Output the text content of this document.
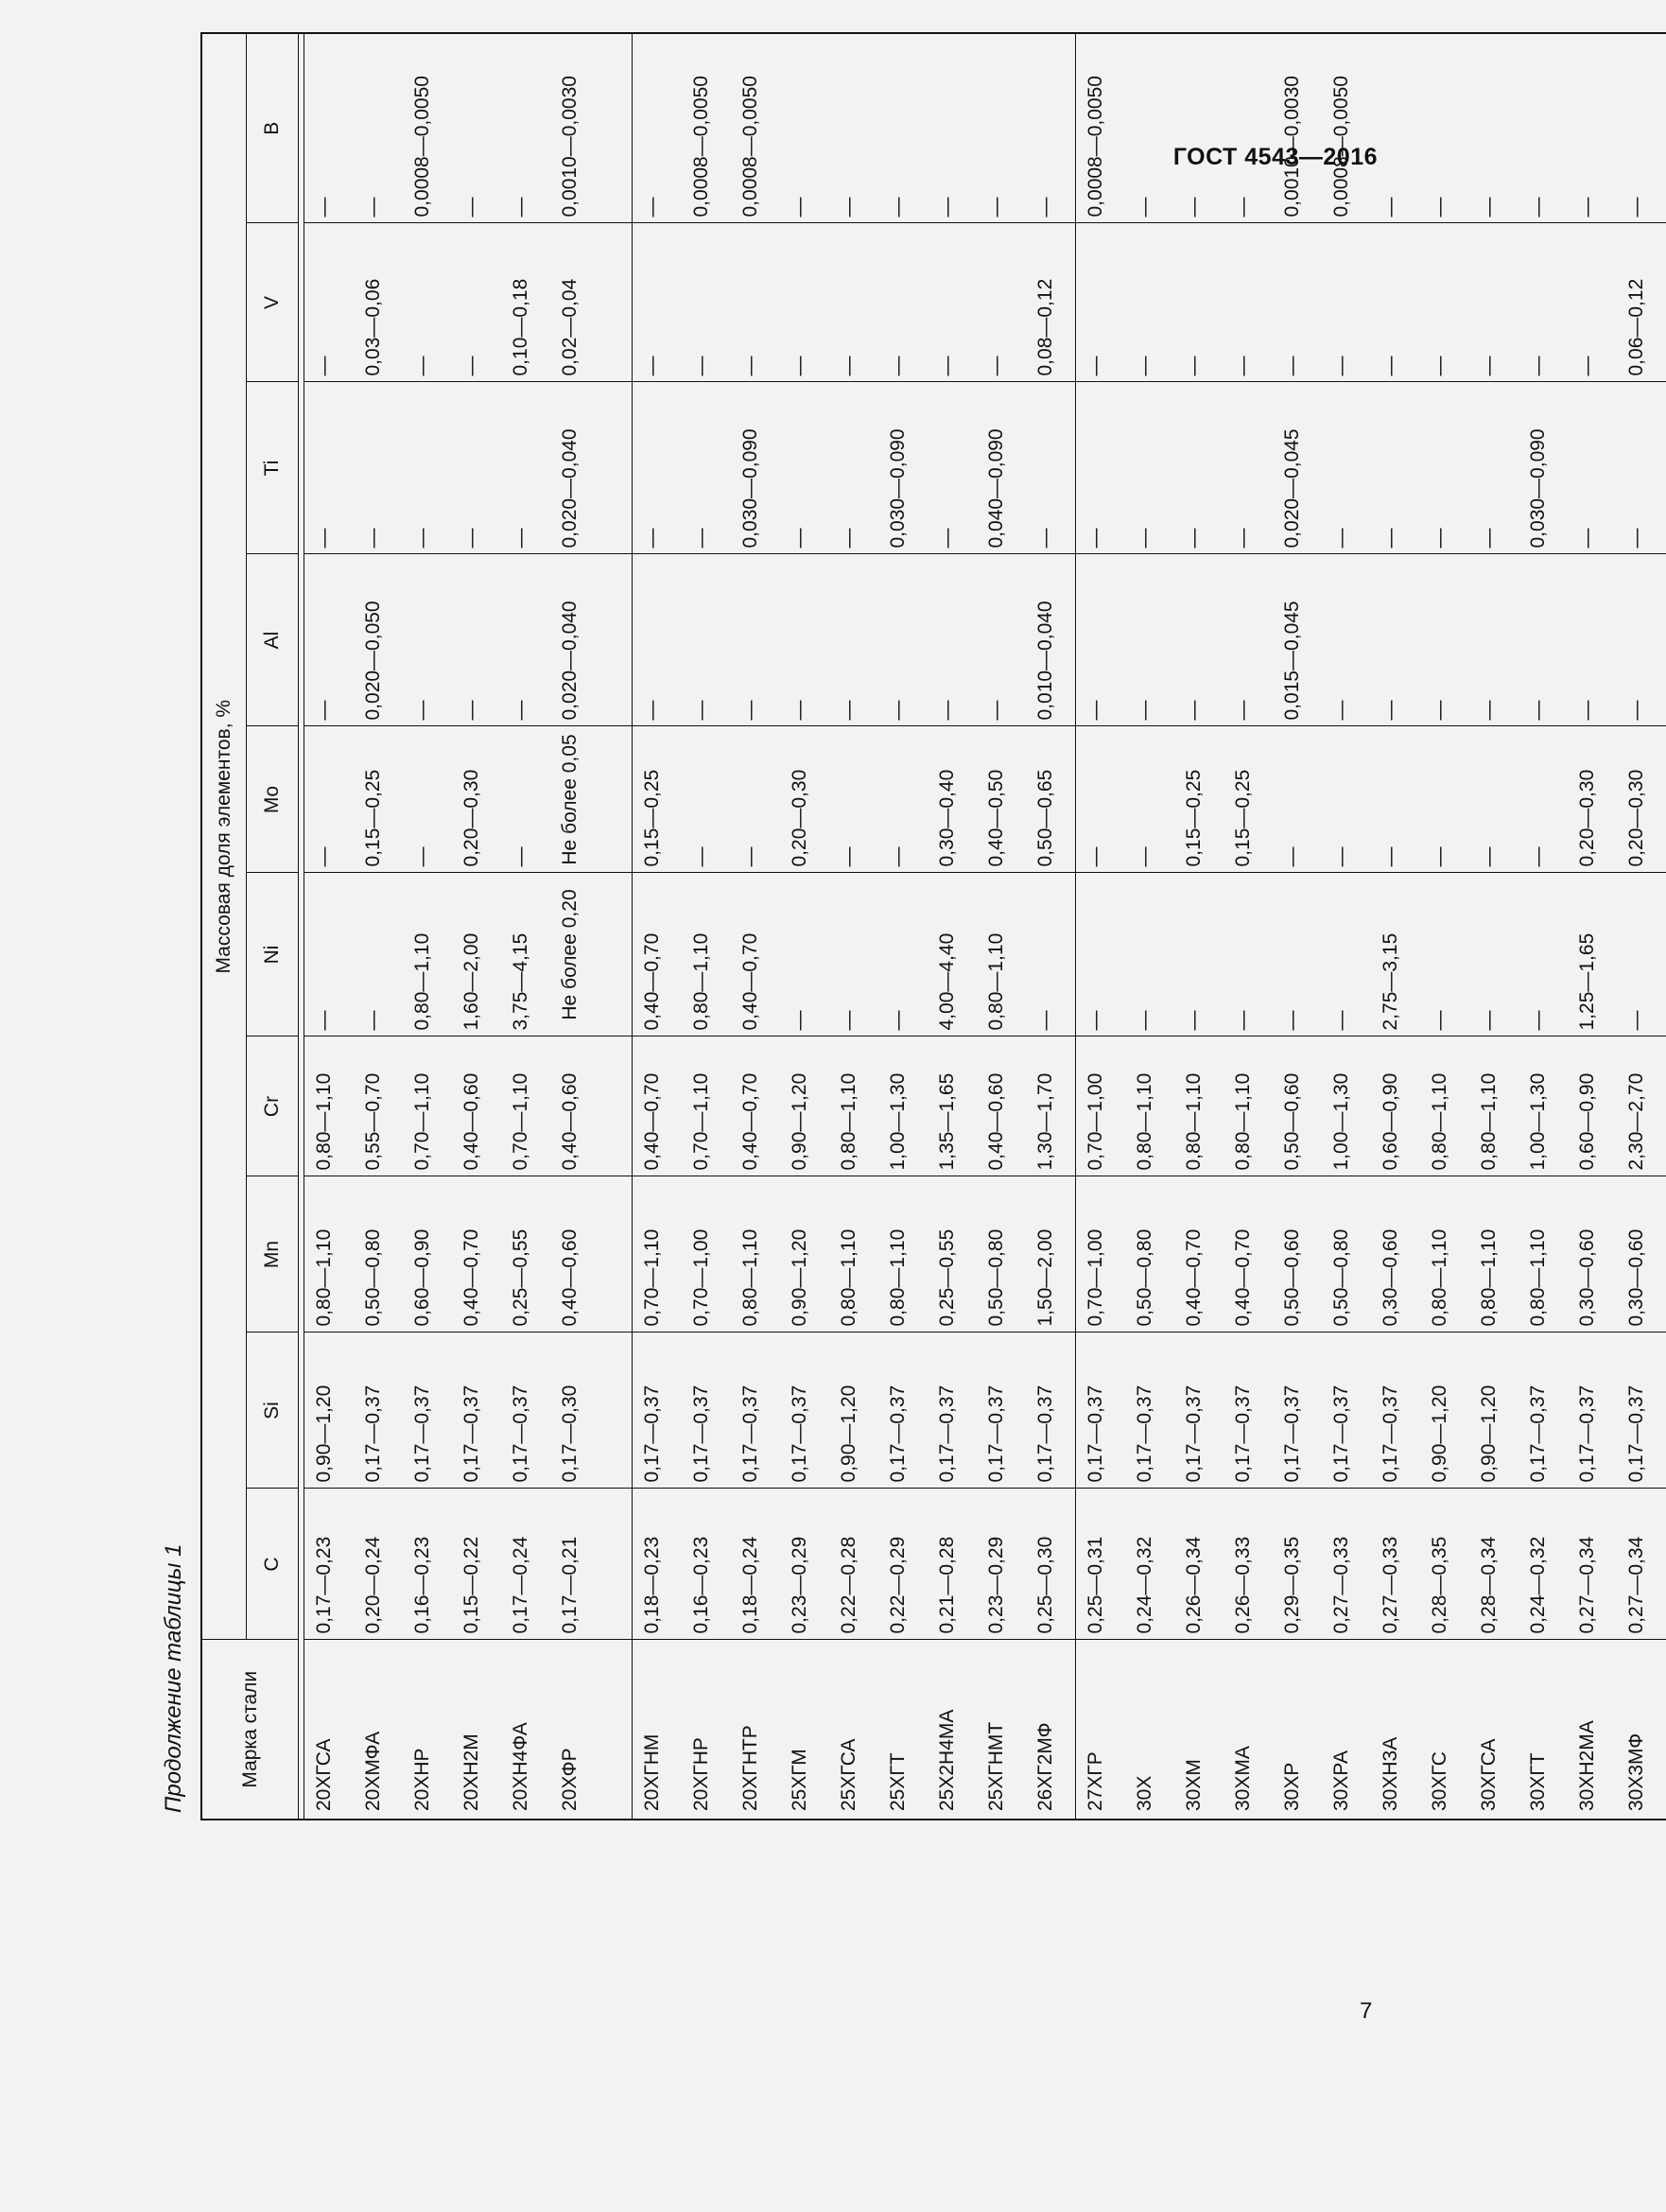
ГОСТ 4543—2016
Продолжение таблицы 1	Марка стали	Массовая доля элементов, %									
	C	Si	Mn	Cr	Ni	Mo	Al	Ti	V	B

20ХГСА	0,17—0,23	0,90—1,20	0,80—1,10	0,80—1,10	—	—	—	—	—	—
20ХМФА	0,20—0,24	0,17—0,37	0,50—0,80	0,55—0,70	—	0,15—0,25	0,020—0,050	—	0,03—0,06	—
20ХНР	0,16—0,23	0,17—0,37	0,60—0,90	0,70—1,10	0,80—1,10	—	—	—	—	0,0008—0,0050
20ХН2М	0,15—0,22	0,17—0,37	0,40—0,70	0,40—0,60	1,60—2,00	0,20—0,30	—	—	—	—
20ХН4ФА	0,17—0,24	0,17—0,37	0,25—0,55	0,70—1,10	3,75—4,15	—	—	—	0,10—0,18	—
20ХФР	0,17—0,21	0,17—0,30	0,40—0,60	0,40—0,60	Не более 0,20	Не более 0,05	0,020—0,040	0,020—0,040	0,02—0,04	0,0010—0,0030
20ХГНМ	0,18—0,23	0,17—0,37	0,70—1,10	0,40—0,70	0,40—0,70	0,15—0,25	—	—	—	—
20ХГНР	0,16—0,23	0,17—0,37	0,70—1,00	0,70—1,10	0,80—1,10	—	—	—	—	0,0008—0,0050
20ХГНТР	0,18—0,24	0,17—0,37	0,80—1,10	0,40—0,70	0,40—0,70	—	—	0,030—0,090	—	0,0008—0,0050
25ХГМ	0,23—0,29	0,17—0,37	0,90—1,20	0,90—1,20	—	0,20—0,30	—	—	—	—
25ХГСА	0,22—0,28	0,90—1,20	0,80—1,10	0,80—1,10	—	—	—	—	—	—
25ХГТ	0,22—0,29	0,17—0,37	0,80—1,10	1,00—1,30	—	—	—	0,030—0,090	—	—
25Х2Н4МА	0,21—0,28	0,17—0,37	0,25—0,55	1,35—1,65	4,00—4,40	0,30—0,40	—	—	—	—
25ХГНМТ	0,23—0,29	0,17—0,37	0,50—0,80	0,40—0,60	0,80—1,10	0,40—0,50	—	0,040—0,090	—	—
26ХГ2МФ	0,25—0,30	0,17—0,37	1,50—2,00	1,30—1,70	—	0,50—0,65	0,010—0,040	—	0,08—0,12	—
27ХГР	0,25—0,31	0,17—0,37	0,70—1,00	0,70—1,00	—	—	—	—	—	0,0008—0,0050
30Х	0,24—0,32	0,17—0,37	0,50—0,80	0,80—1,10	—	—	—	—	—	—
30ХМ	0,26—0,34	0,17—0,37	0,40—0,70	0,80—1,10	—	0,15—0,25	—	—	—	—
30ХМА	0,26—0,33	0,17—0,37	0,40—0,70	0,80—1,10	—	0,15—0,25	—	—	—	—
30ХР	0,29—0,35	0,17—0,37	0,50—0,60	0,50—0,60	—	—	0,015—0,045	0,020—0,045	—	0,0010—0,0030
30ХРА	0,27—0,33	0,17—0,37	0,50—0,80	1,00—1,30	—	—	—	—	—	0,0008—0,0050
30ХН3А	0,27—0,33	0,17—0,37	0,30—0,60	0,60—0,90	2,75—3,15	—	—	—	—	—
30ХГС	0,28—0,35	0,90—1,20	0,80—1,10	0,80—1,10	—	—	—	—	—	—
30ХГСА	0,28—0,34	0,90—1,20	0,80—1,10	0,80—1,10	—	—	—	—	—	—
30ХГТ	0,24—0,32	0,17—0,37	0,80—1,10	1,00—1,30	—	—	—	0,030—0,090	—	—
30ХН2МА	0,27—0,34	0,17—0,37	0,30—0,60	0,60—0,90	1,25—1,65	0,20—0,30	—	—	—	—
30Х3МФ	0,27—0,34	0,17—0,37	0,30—0,60	2,30—2,70	—	0,20—0,30	—	—	0,06—0,12	—
7
